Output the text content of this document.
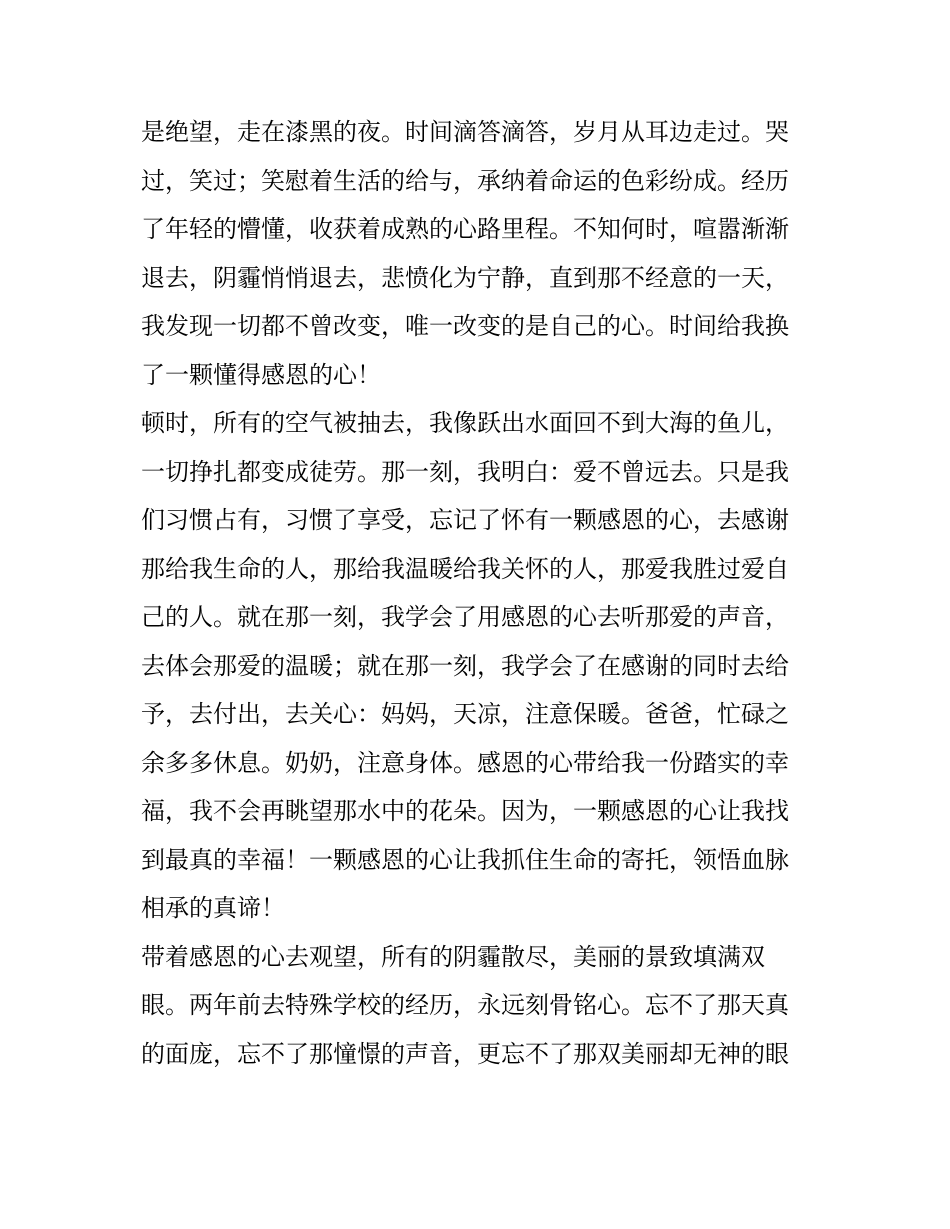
是绝望，走在漆黑的夜。时间滴答滴答，岁月从耳边走过。哭
过，笑过；笑慰着生活的给与，承纳着命运的色彩纷成。经历
了年轻的懵懂，收获着成熟的心路里程。不知何时，喧嚣渐渐
退去，阴霾悄悄退去，悲愤化为宁静，直到那不经意的一天，
我发现一切都不曾改变，唯一改变的是自己的心。时间给我换
了一颗懂得感恩的心！
顿时，所有的空气被抽去，我像跃出水面回不到大海的鱼儿，
一切挣扎都变成徒劳。那一刻，我明白：爱不曾远去。只是我
们习惯占有，习惯了享受，忘记了怀有一颗感恩的心，去感谢
那给我生命的人，那给我温暖给我关怀的人，那爱我胜过爱自
己的人。就在那一刻，我学会了用感恩的心去听那爱的声音，
去体会那爱的温暖；就在那一刻，我学会了在感谢的同时去给
予，去付出，去关心：妈妈，天凉，注意保暖。爸爸，忙碌之
余多多休息。奶奶，注意身体。感恩的心带给我一份踏实的幸
福，我不会再眺望那水中的花朵。因为，一颗感恩的心让我找
到最真的幸福！一颗感恩的心让我抓住生命的寄托，领悟血脉
相承的真谛！
带着感恩的心去观望，所有的阴霾散尽，美丽的景致填满双
眼。两年前去特殊学校的经历，永远刻骨铭心。忘不了那天真
的面庞，忘不了那憧憬的声音，更忘不了那双美丽却无神的眼
